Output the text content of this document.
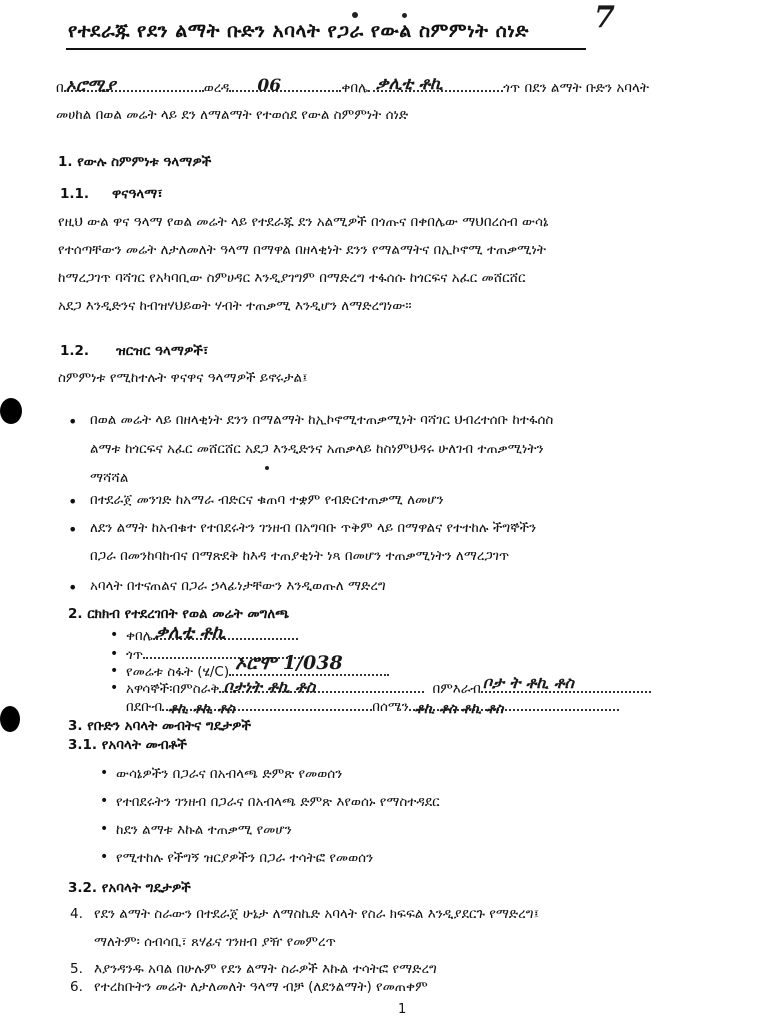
የተደራጁ የደን ልማት ቡድን አባላት የጋራ የውል ስምምነት ሰነድ 7
በ ኦሮሚያ	ወረዳ 06	ቀበሌ ቃሊቲ ቶኪ	ጎጥ በደን ልማት ቡድን አባላት
መሀከል በወል መሬት ላይ ደን ለማልማት የተወሰደ የውል ስምምነት ሰነድ
1. የውሉ ስምምነቱ ዓላማዎች
1.1. ዋናዓላማ፣
የዚህ ውል ዋና ዓላማ የወል መሬት ላይ የተደራጁ ደን አልሚዎች በጎጡና በቀበሌው ማህበረሰብ ውሳኔ
የተሰጣቸውን መሬት ለታለመለት ዓላማ በማዋል በዘላቂነት ደንን የማልማትና በኢኮኖሚ ተጠቃሚነት
ከማረጋገጥ ባሻገር የአካባቢው ስምሀዳር እንዲያገግም በማድረግ ተፋሰሱ ከጎርፍና አፈር መሸርሸር
አደጋ እንዲድንና ከብዝሃህይወት ሃብት ተጠቃሚ እንዲሆን ለማድረግነው፡፡
1.2. ዝርዝር ዓላማዎች፣
ስምምነቱ የሚከተሉት ዋናዋና ዓላማዎች ይኖሩታል፤
• በወል መሬት ላይ በዘላቂነት ደንን በማልማት ከኢኮኖሚተጠቃሚነት ባሻገር ህብረተሰቡ ከተፋሰስ
ልማቱ ከጎርፍና አፈር መሸርሸር አደጋ እንዲድንና አጠቃላይ ከስነምህዳሩ ሁለገብ ተጠቃሚነትን
ማሻሻል
• በተደራጀ መንገድ ከአማራ ብድርና ቁጠባ ተቋም የብድርተጠቃሚ ለመሆን
• ለደን ልማት ከአብቁተ የተበደሩትን ገንዘብ በአግባቡ ጥቅም ላይ በማዋልና የተተከሉ ችግኞችን
በጋራ በመንከባከብና በማጽደቅ ከእዳ ተጠያቂነት ነጻ በመሆን ተጠቃሚነትን ለማረጋገጥ
• አባላት በተናጠልና በጋራ ኃላፊነታቸውን እንዲወጡለ ማድረግ
2. ርክክብ የተደረገበት የወል መሬት መግለጫ
• ቀበሌ ቃሊቲ ቶኪ
• ጎጥ
• የመሬቱ ስፋት (ሄ/C) ኦሮሞ 1/038
• አዋሳኞች፡በምስራቅ ቦታነት ቶኪ ቶስ	በምእራብ ቦታ ት ቶኪ ቶስ
በደቡብ ቶኪ ቶኪ ቶስ	በሰሜን ቶኪ ቶስ ቶኪ ቶስ
3. የቡድን አባላት መብትና ግዴታዎች
3.1. የአባላት መብቶች
• ውሳኔዎችን በጋራና በአብላጫ ድምጽ የመወሰን
• የተበደሩትን ገንዘብ በጋራና በአብላጫ ድምጽ እየወሰኑ የማስተዳደር
• ከደን ልማቱ እኩል ተጠቃሚ የመሆን
• የሚተከሉ የችግኝ ዝርያዎችን በጋራ ተሳትፎ የመወሰን
3.2. የአባላት ግዴታዎች
4. የደን ልማት ስራውን በተደራጀ ሁኔታ ለማስኬድ አባላት የስራ ክፍፍል እንዲያደርጉ የማድረግ፤
ማለትም፡ ሰብሳቢ፣ ጸሃፊና ገንዘብ ያዥ የመምረጥ
5. እያንዳንዱ አባል በሁሉም የደን ልማት ስራዎች እኩል ተሳትፎ የማድረግ
6. የተረከቡትን መሬት ለታለመለት ዓላማ ብቻ (ለደንልማት) የመጠቀም
1
